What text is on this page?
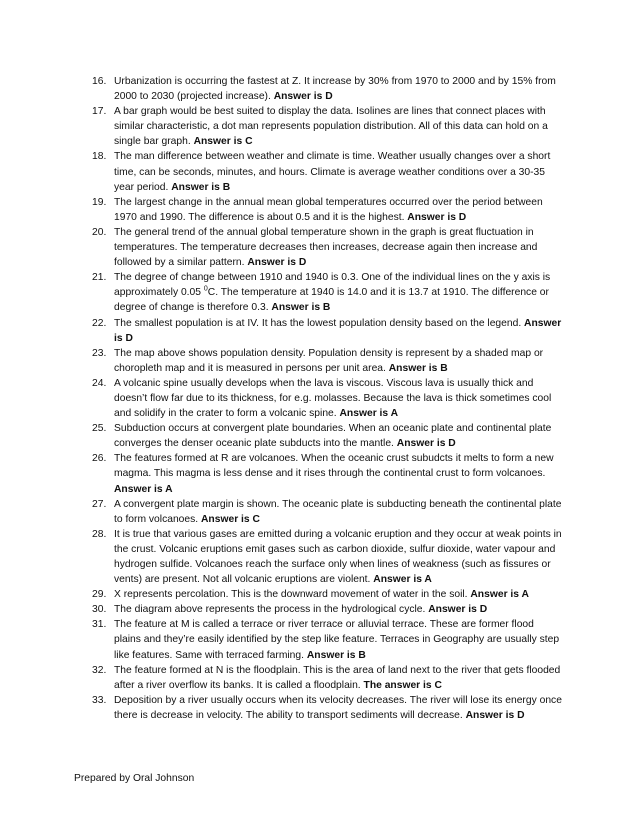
16. Urbanization is occurring the fastest at Z. It increase by 30% from 1970 to 2000 and by 15% from 2000 to 2030 (projected increase). Answer is D
17. A bar graph would be best suited to display the data. Isolines are lines that connect places with similar characteristic, a dot man represents population distribution. All of this data can hold on a single bar graph. Answer is C
18. The man difference between weather and climate is time. Weather usually changes over a short time, can be seconds, minutes, and hours. Climate is average weather conditions over a 30-35 year period. Answer is B
19. The largest change in the annual mean global temperatures occurred over the period between 1970 and 1990. The difference is about 0.5 and it is the highest. Answer is D
20. The general trend of the annual global temperature shown in the graph is great fluctuation in temperatures. The temperature decreases then increases, decrease again then increase and followed by a similar pattern. Answer is D
21. The degree of change between 1910 and 1940 is 0.3. One of the individual lines on the y axis is approximately 0.05 $^0$C. The temperature at 1940 is 14.0 and it is 13.7 at 1910. The difference or degree of change is therefore 0.3. Answer is B
22. The smallest population is at IV. It has the lowest population density based on the legend. Answer is D
23. The map above shows population density. Population density is represent by a shaded map or choropleth map and it is measured in persons per unit area. Answer is B
24. A volcanic spine usually develops when the lava is viscous. Viscous lava is usually thick and doesn’t flow far due to its thickness, for e.g. molasses. Because the lava is thick sometimes cool and solidify in the crater to form a volcanic spine. Answer is A
25. Subduction occurs at convergent plate boundaries. When an oceanic plate and continental plate converges the denser oceanic plate subducts into the mantle. Answer is D
26. The features formed at R are volcanoes. When the oceanic crust subudcts it melts to form a new magma. This magma is less dense and it rises through the continental crust to form volcanoes. Answer is A
27. A convergent plate margin is shown. The oceanic plate is subducting beneath the continental plate to form volcanoes. Answer is C
28. It is true that various gases are emitted during a volcanic eruption and they occur at weak points in the crust. Volcanic eruptions emit gases such as carbon dioxide, sulfur dioxide, water vapour and hydrogen sulfide. Volcanoes reach the surface only when lines of weakness (such as fissures or vents) are present. Not all volcanic eruptions are violent. Answer is A
29. X represents percolation. This is the downward movement of water in the soil. Answer is A
30. The diagram above represents the process in the hydrological cycle. Answer is D
31. The feature at M is called a terrace or river terrace or alluvial terrace. These are former flood plains and they’re easily identified by the step like feature. Terraces in Geography are usually step like features. Same with terraced farming. Answer is B
32. The feature formed at N is the floodplain. This is the area of land next to the river that gets flooded after a river overflow its banks. It is called a floodplain. The answer is C
33. Deposition by a river usually occurs when its velocity decreases. The river will lose its energy once there is decrease in velocity. The ability to transport sediments will decrease. Answer is D
Prepared by Oral Johnson
